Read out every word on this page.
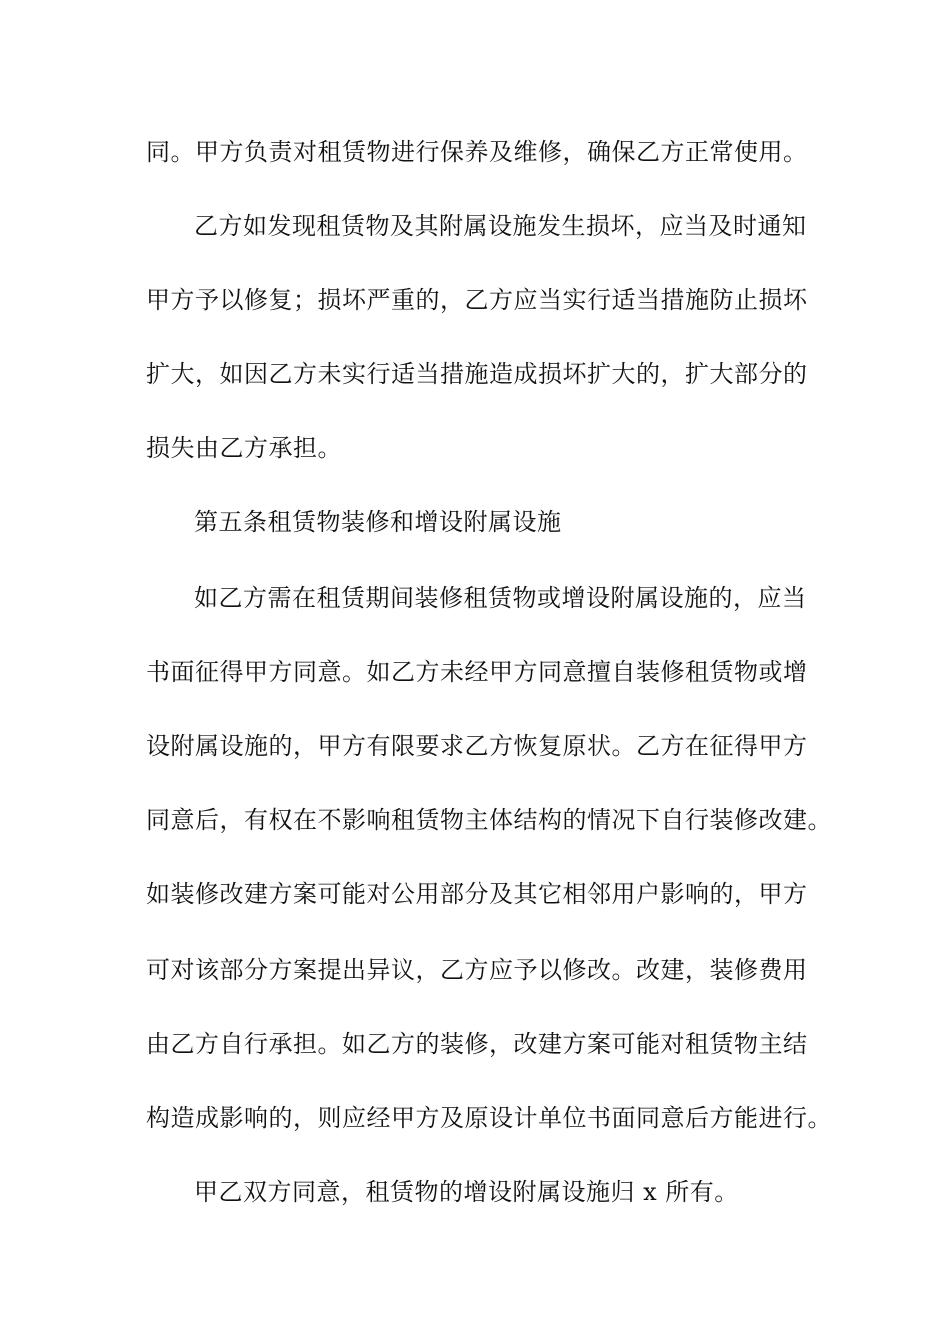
同。甲方负责对租赁物进行保养及维修，确保乙方正常使用。
乙方如发现租赁物及其附属设施发生损坏，应当及时通知
甲方予以修复；损坏严重的，乙方应当实行适当措施防止损坏
扩大，如因乙方未实行适当措施造成损坏扩大的，扩大部分的
损失由乙方承担。
第五条租赁物装修和增设附属设施
如乙方需在租赁期间装修租赁物或增设附属设施的，应当
书面征得甲方同意。如乙方未经甲方同意擅自装修租赁物或增
设附属设施的，甲方有限要求乙方恢复原状。乙方在征得甲方
同意后，有权在不影响租赁物主体结构的情况下自行装修改建。
如装修改建方案可能对公用部分及其它相邻用户影响的，甲方
可对该部分方案提出异议，乙方应予以修改。改建，装修费用
由乙方自行承担。如乙方的装修，改建方案可能对租赁物主结
构造成影响的，则应经甲方及原设计单位书面同意后方能进行。
甲乙双方同意，租赁物的增设附属设施归 x 所有。
